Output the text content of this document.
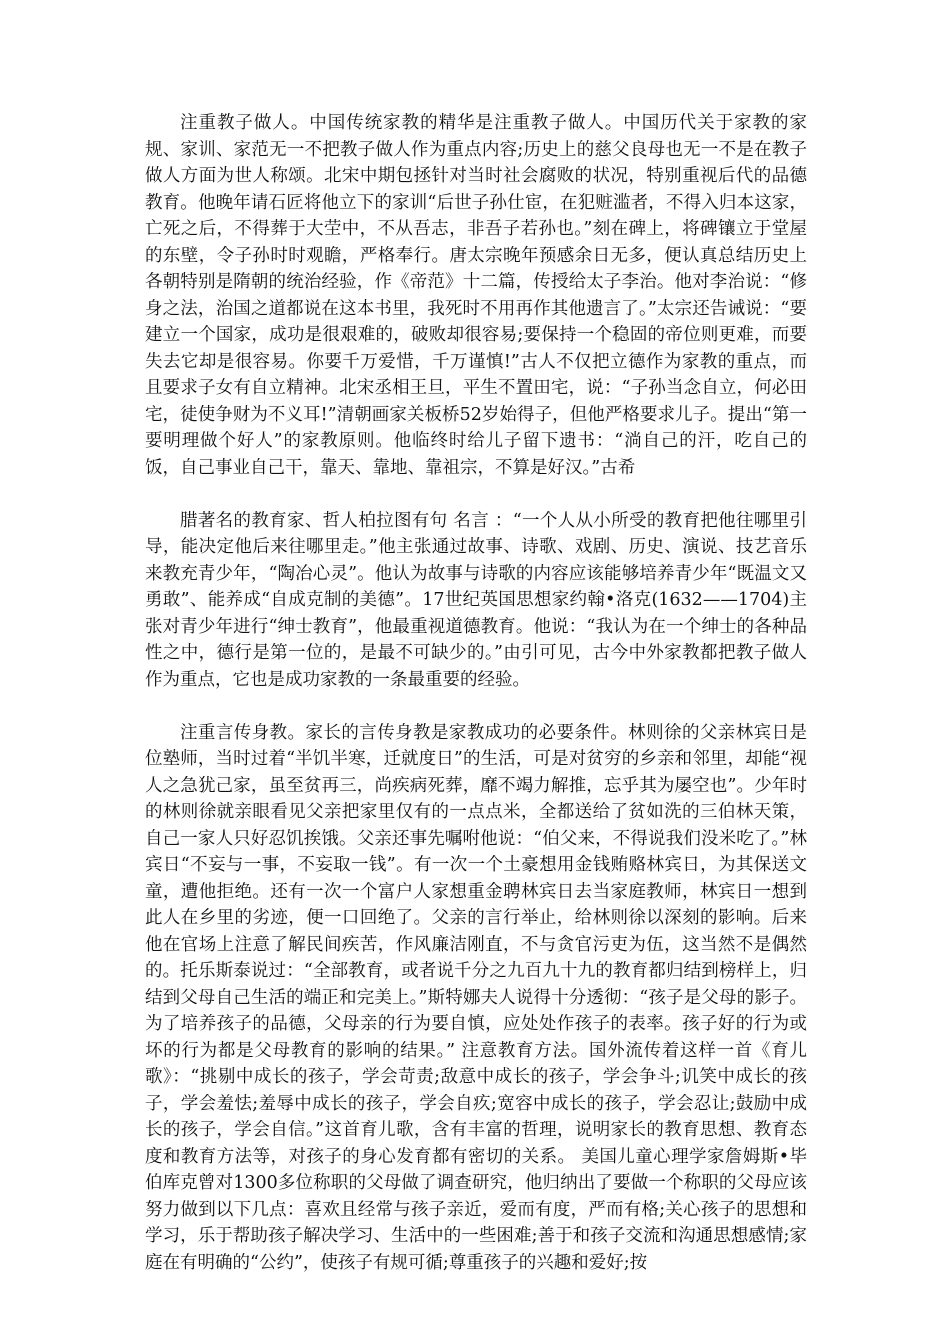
注重教子做人。中国传统家教的精华是注重教子做人。中国历代关于家教的家规、家训、家范无一不把教子做人作为重点内容;历史上的慈父良母也无一不是在教子做人方面为世人称颂。北宋中期包拯针对当时社会腐败的状况，特别重视后代的品德教育。他晚年请石匠将他立下的家训“后世子孙仕宦，在犯赃滥者，不得入归本这家，亡死之后，不得葬于大茔中，不从吾志，非吾子若孙也。”刻在碑上，将碑镶立于堂屋的东壁，令子孙时时观瞻，严格奉行。唐太宗晚年预感余日无多，便认真总结历史上各朝特别是隋朝的统治经验，作《帝范》十二篇，传授给太子李治。他对李治说：“修身之法，治国之道都说在这本书里，我死时不用再作其他遗言了。”太宗还告诫说：“要建立一个国家，成功是很艰难的，破败却很容易;要保持一个稳固的帝位则更难，而要失去它却是很容易。你要千万爱惜，千万谨慎!”古人不仅把立德作为家教的重点，而且要求子女有自立精神。北宋丞相王旦，平生不置田宅，说：“子孙当念自立，何必田宅，徒使争财为不义耳!”清朝画家关板桥52岁始得子，但他严格要求儿子。提出“第一要明理做个好人”的家教原则。他临终时给儿子留下遗书：“淌自己的汗，吃自己的饭，自己事业自己干，靠天、靠地、靠祖宗，不算是好汉。”古希

腊著名的教育家、哲人柏拉图有句 名言 ：“一个人从小所受的教育把他往哪里引导，能决定他后来往哪里走。”他主张通过故事、诗歌、戏剧、历史、演说、技艺音乐来教充青少年，“陶冶心灵”。他认为故事与诗歌的内容应该能够培养青少年“既温文又勇敢”、能养成“自成克制的美德”。17世纪英国思想家约翰•洛克(1632——1704)主张对青少年进行“绅士教育”，他最重视道德教育。他说：“我认为在一个绅士的各种品性之中，德行是第一位的，是最不可缺少的。”由引可见，古今中外家教都把教子做人作为重点，它也是成功家教的一条最重要的经验。

注重言传身教。家长的言传身教是家教成功的必要条件。林则徐的父亲林宾日是位塾师，当时过着“半饥半寒，迁就度日”的生活，可是对贫穷的乡亲和邻里，却能“视人之急犹己家，虽至贫再三，尚疾病死葬，靡不竭力解推，忘乎其为屡空也”。少年时的林则徐就亲眼看见父亲把家里仅有的一点点米，全都送给了贫如洗的三伯林天策，自己一家人只好忍饥挨饿。父亲还事先嘱咐他说：“伯父来，不得说我们没米吃了。”林宾日“不妄与一事，不妄取一钱”。有一次一个土豪想用金钱贿赂林宾日，为其保送文童，遭他拒绝。还有一次一个富户人家想重金聘林宾日去当家庭教师，林宾日一想到此人在乡里的劣迹，便一口回绝了。父亲的言行举止，给林则徐以深刻的影响。后来他在官场上注意了解民间疾苦，作风廉洁刚直，不与贪官污吏为伍，这当然不是偶然的。托乐斯泰说过：“全部教育，或者说千分之九百九十九的教育都归结到榜样上，归结到父母自己生活的端正和完美上。”斯特娜夫人说得十分透彻：“孩子是父母的影子。为了培养孩子的品德，父母亲的行为要自慎，应处处作孩子的表率。孩子好的行为或坏的行为都是父母教育的影响的结果。” 注意教育方法。国外流传着这样一首《育儿歌》：“挑剔中成长的孩子，学会苛责;敌意中成长的孩子，学会争斗;讥笑中成长的孩子，学会羞怯;羞辱中成长的孩子，学会自疚;宽容中成长的孩子，学会忍让;鼓励中成长的孩子，学会自信。”这首育儿歌，含有丰富的哲理，说明家长的教育思想、教育态度和教育方法等，对孩子的身心发育都有密切的关系。 美国儿童心理学家詹姆斯•毕伯库克曾对1300多位称职的父母做了调查研究，他归纳出了要做一个称职的父母应该努力做到以下几点：喜欢且经常与孩子亲近，爱而有度，严而有格;关心孩子的思想和学习，乐于帮助孩子解决学习、生活中的一些困难;善于和孩子交流和沟通思想感情;家庭在有明确的“公约”，使孩子有规可循;尊重孩子的兴趣和爱好;按
